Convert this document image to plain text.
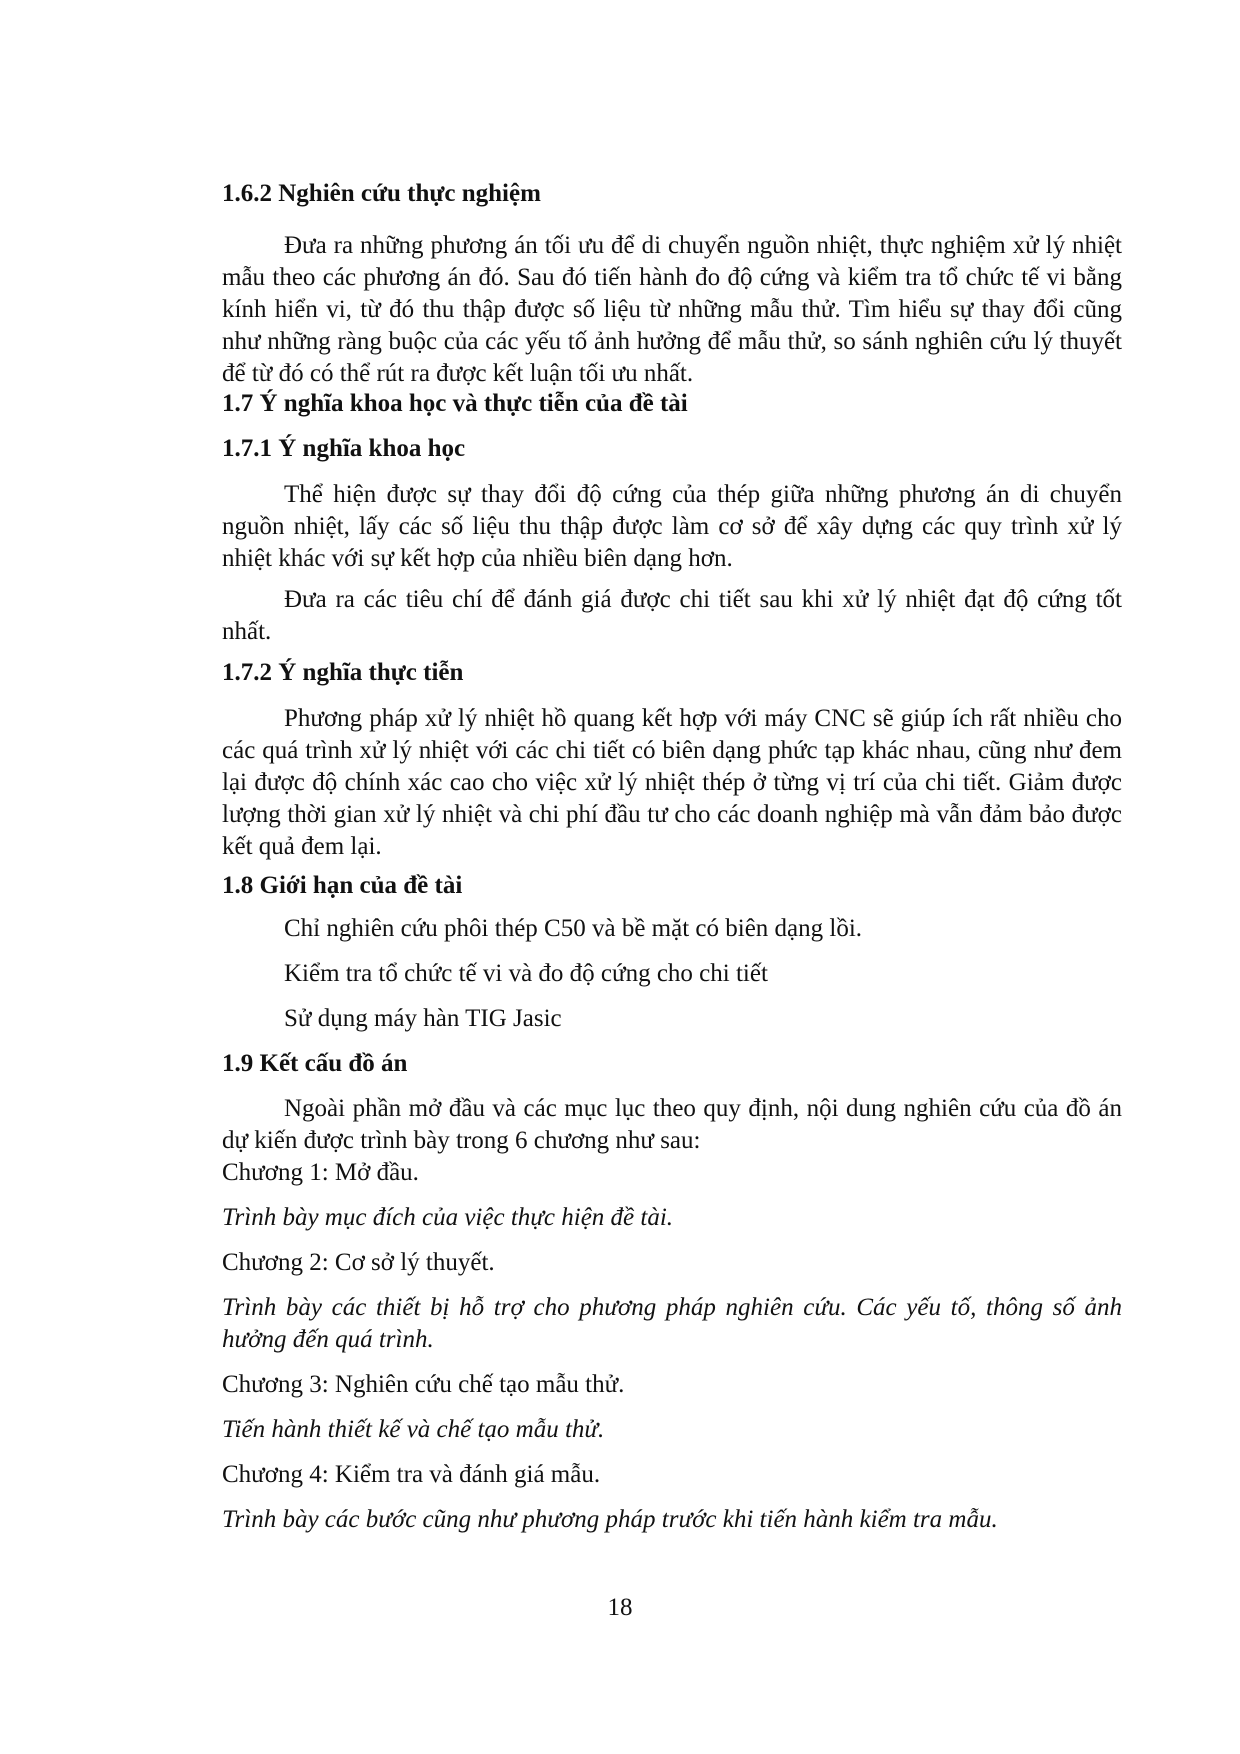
1.6.2 Nghiên cứu thực nghiệm

Đưa ra những phương án tối ưu để di chuyển nguồn nhiệt, thực nghiệm xử lý nhiệt mẫu theo các phương án đó. Sau đó tiến hành đo độ cứng và kiểm tra tổ chức tế vi bằng kính hiển vi, từ đó thu thập được số liệu từ những mẫu thử. Tìm hiểu sự thay đổi cũng như những ràng buộc của các yếu tố ảnh hưởng để mẫu thử, so sánh nghiên cứu lý thuyết để từ đó có thể rút ra được kết luận tối ưu nhất.

1.7 Ý nghĩa khoa học và thực tiễn của đề tài

1.7.1 Ý nghĩa khoa học

Thể hiện được sự thay đổi độ cứng của thép giữa những phương án di chuyển nguồn nhiệt, lấy các số liệu thu thập được làm cơ sở để xây dựng các quy trình xử lý nhiệt khác với sự kết hợp của nhiều biên dạng hơn.

Đưa ra các tiêu chí để đánh giá được chi tiết sau khi xử lý nhiệt đạt độ cứng tốt nhất.

1.7.2 Ý nghĩa thực tiễn

Phương pháp xử lý nhiệt hồ quang kết hợp với máy CNC sẽ giúp ích rất nhiều cho các quá trình xử lý nhiệt với các chi tiết có biên dạng phức tạp khác nhau, cũng như đem lại được độ chính xác cao cho việc xử lý nhiệt thép ở từng vị trí của chi tiết. Giảm được lượng thời gian xử lý nhiệt và chi phí đầu tư cho các doanh nghiệp mà vẫn đảm bảo được kết quả đem lại.

1.8 Giới hạn của đề tài

Chỉ nghiên cứu phôi thép C50 và bề mặt có biên dạng lồi.

Kiểm tra tổ chức tế vi và đo độ cứng cho chi tiết

Sử dụng máy hàn TIG Jasic

1.9 Kết cấu đồ án

Ngoài phần mở đầu và các mục lục theo quy định, nội dung nghiên cứu của đồ án dự kiến được trình bày trong 6 chương như sau:

Chương 1: Mở đầu.

Trình bày mục đích của việc thực hiện đề tài.

Chương 2: Cơ sở lý thuyết.

Trình bày các thiết bị hỗ trợ cho phương pháp nghiên cứu. Các yếu tố, thông số ảnh hưởng đến quá trình.

Chương 3: Nghiên cứu chế tạo mẫu thử.

Tiến hành thiết kế và chế tạo mẫu thử.

Chương 4: Kiểm tra và đánh giá mẫu.

Trình bày các bước cũng như phương pháp trước khi tiến hành kiểm tra mẫu.

18
